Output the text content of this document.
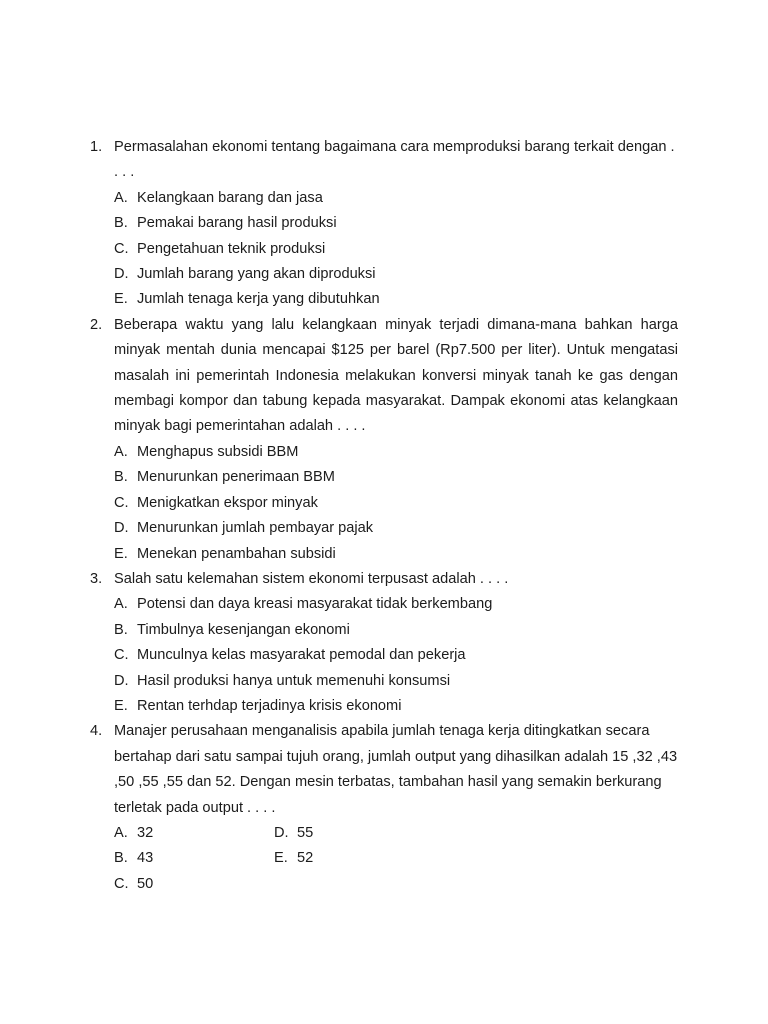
1. Permasalahan ekonomi tentang bagaimana cara memproduksi barang terkait dengan . . . .
A. Kelangkaan barang dan jasa
B. Pemakai barang hasil produksi
C. Pengetahuan teknik produksi
D. Jumlah barang yang akan diproduksi
E. Jumlah tenaga kerja yang dibutuhkan
2. Beberapa waktu yang lalu kelangkaan minyak terjadi dimana-mana bahkan harga minyak mentah dunia mencapai $125 per barel (Rp7.500 per liter). Untuk mengatasi masalah ini pemerintah Indonesia melakukan konversi minyak tanah ke gas dengan membagi kompor dan tabung kepada masyarakat. Dampak ekonomi atas kelangkaan minyak bagi pemerintahan adalah . . . .
A. Menghapus subsidi BBM
B. Menurunkan penerimaan BBM
C. Menigkatkan ekspor minyak
D. Menurunkan jumlah pembayar pajak
E. Menekan penambahan subsidi
3. Salah satu kelemahan sistem ekonomi terpusast adalah . . . .
A. Potensi dan daya kreasi masyarakat tidak berkembang
B. Timbulnya kesenjangan ekonomi
C. Munculnya kelas masyarakat pemodal dan pekerja
D. Hasil produksi hanya untuk memenuhi konsumsi
E. Rentan terhdap terjadinya krisis ekonomi
4. Manajer perusahaan menganalisis apabila jumlah tenaga kerja ditingkatkan secara bertahap dari satu sampai tujuh orang, jumlah output yang dihasilkan adalah 15 ,32 ,43 ,50 ,55 ,55 dan 52. Dengan mesin terbatas, tambahan hasil yang semakin berkurang terletak pada output . . . .
A. 32	D. 55
B. 43	E. 52
C. 50
